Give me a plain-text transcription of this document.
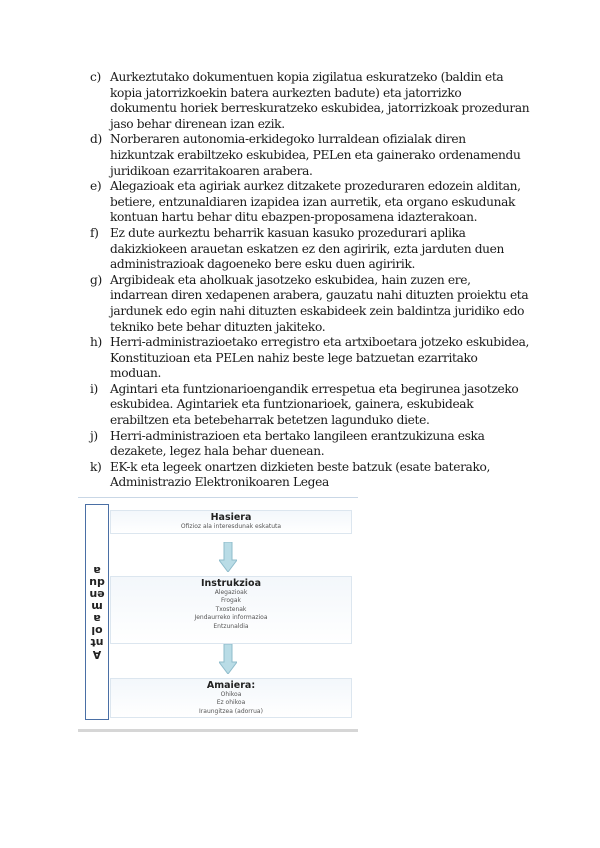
c) Aurkeztutako dokumentuen kopia zigilatua eskuratzeko (baldin eta kopia jatorrizkoekin batera aurkezten badute) eta jatorrizko dokumentu horiek berreskuratzeko eskubidea, jatorrizkoak prozeduran jaso behar direnean izan ezik.
d) Norberaren autonomia-erkidegoko lurraldean ofizialak diren hizkuntzak erabiltzeko eskubidea, PELen eta gainerako ordenamendu juridikoan ezarritakoaren arabera.
e) Alegazioak eta agiriak aurkez ditzakete prozeduraren edozein alditan, betiere, entzunaldiaren izapidea izan aurretik, eta organo eskudunak kontuan hartu behar ditu ebazpen-proposamena idazterakoan.
f) Ez dute aurkeztu beharrik kasuan kasuko prozedurari aplika dakizkiokeen arauetan eskatzen ez den agiririk, ezta jarduten duen administrazioak dagoeneko bere esku duen agiririk.
g) Argibideak eta aholkuak jasotzeko eskubidea, hain zuzen ere, indarrean diren xedapenen arabera, gauzatu nahi dituzten proiektu eta jardunek edo egin nahi dituzten eskabideek zein baldintza juridiko edo tekniko bete behar dituzten jakiteko.
h) Herri-administrazioetako erregistro eta artxiboetara jotzeko eskubidea, Konstituzioan eta PELen nahiz beste lege batzuetan ezarritako moduan.
i) Agintari eta funtzionarioengandik errespetua eta begirunea jasotzeko eskubidea. Agintariek eta funtzionarioek, gainera, eskubideak erabiltzen eta betebeharrak betetzen lagunduko diete.
j) Herri-administrazioen eta bertako langileen erantzukizuna eska dezakete, legez hala behar duenean.
k) EK-k eta legeek onartzen dizkieten beste batzuk (esate baterako, Administrazio Elektronikoaren Legea
Antolamendua
Hasiera
Ofizioz ala interesdunak eskatuta
Instrukzioa
Alegazioak
Frogak
Txostenak
Jendaurreko informazioa
Entzunaldia
Amaiera:
Ohikoa
Ez ohikoa
Iraungitzea (adorrua)
